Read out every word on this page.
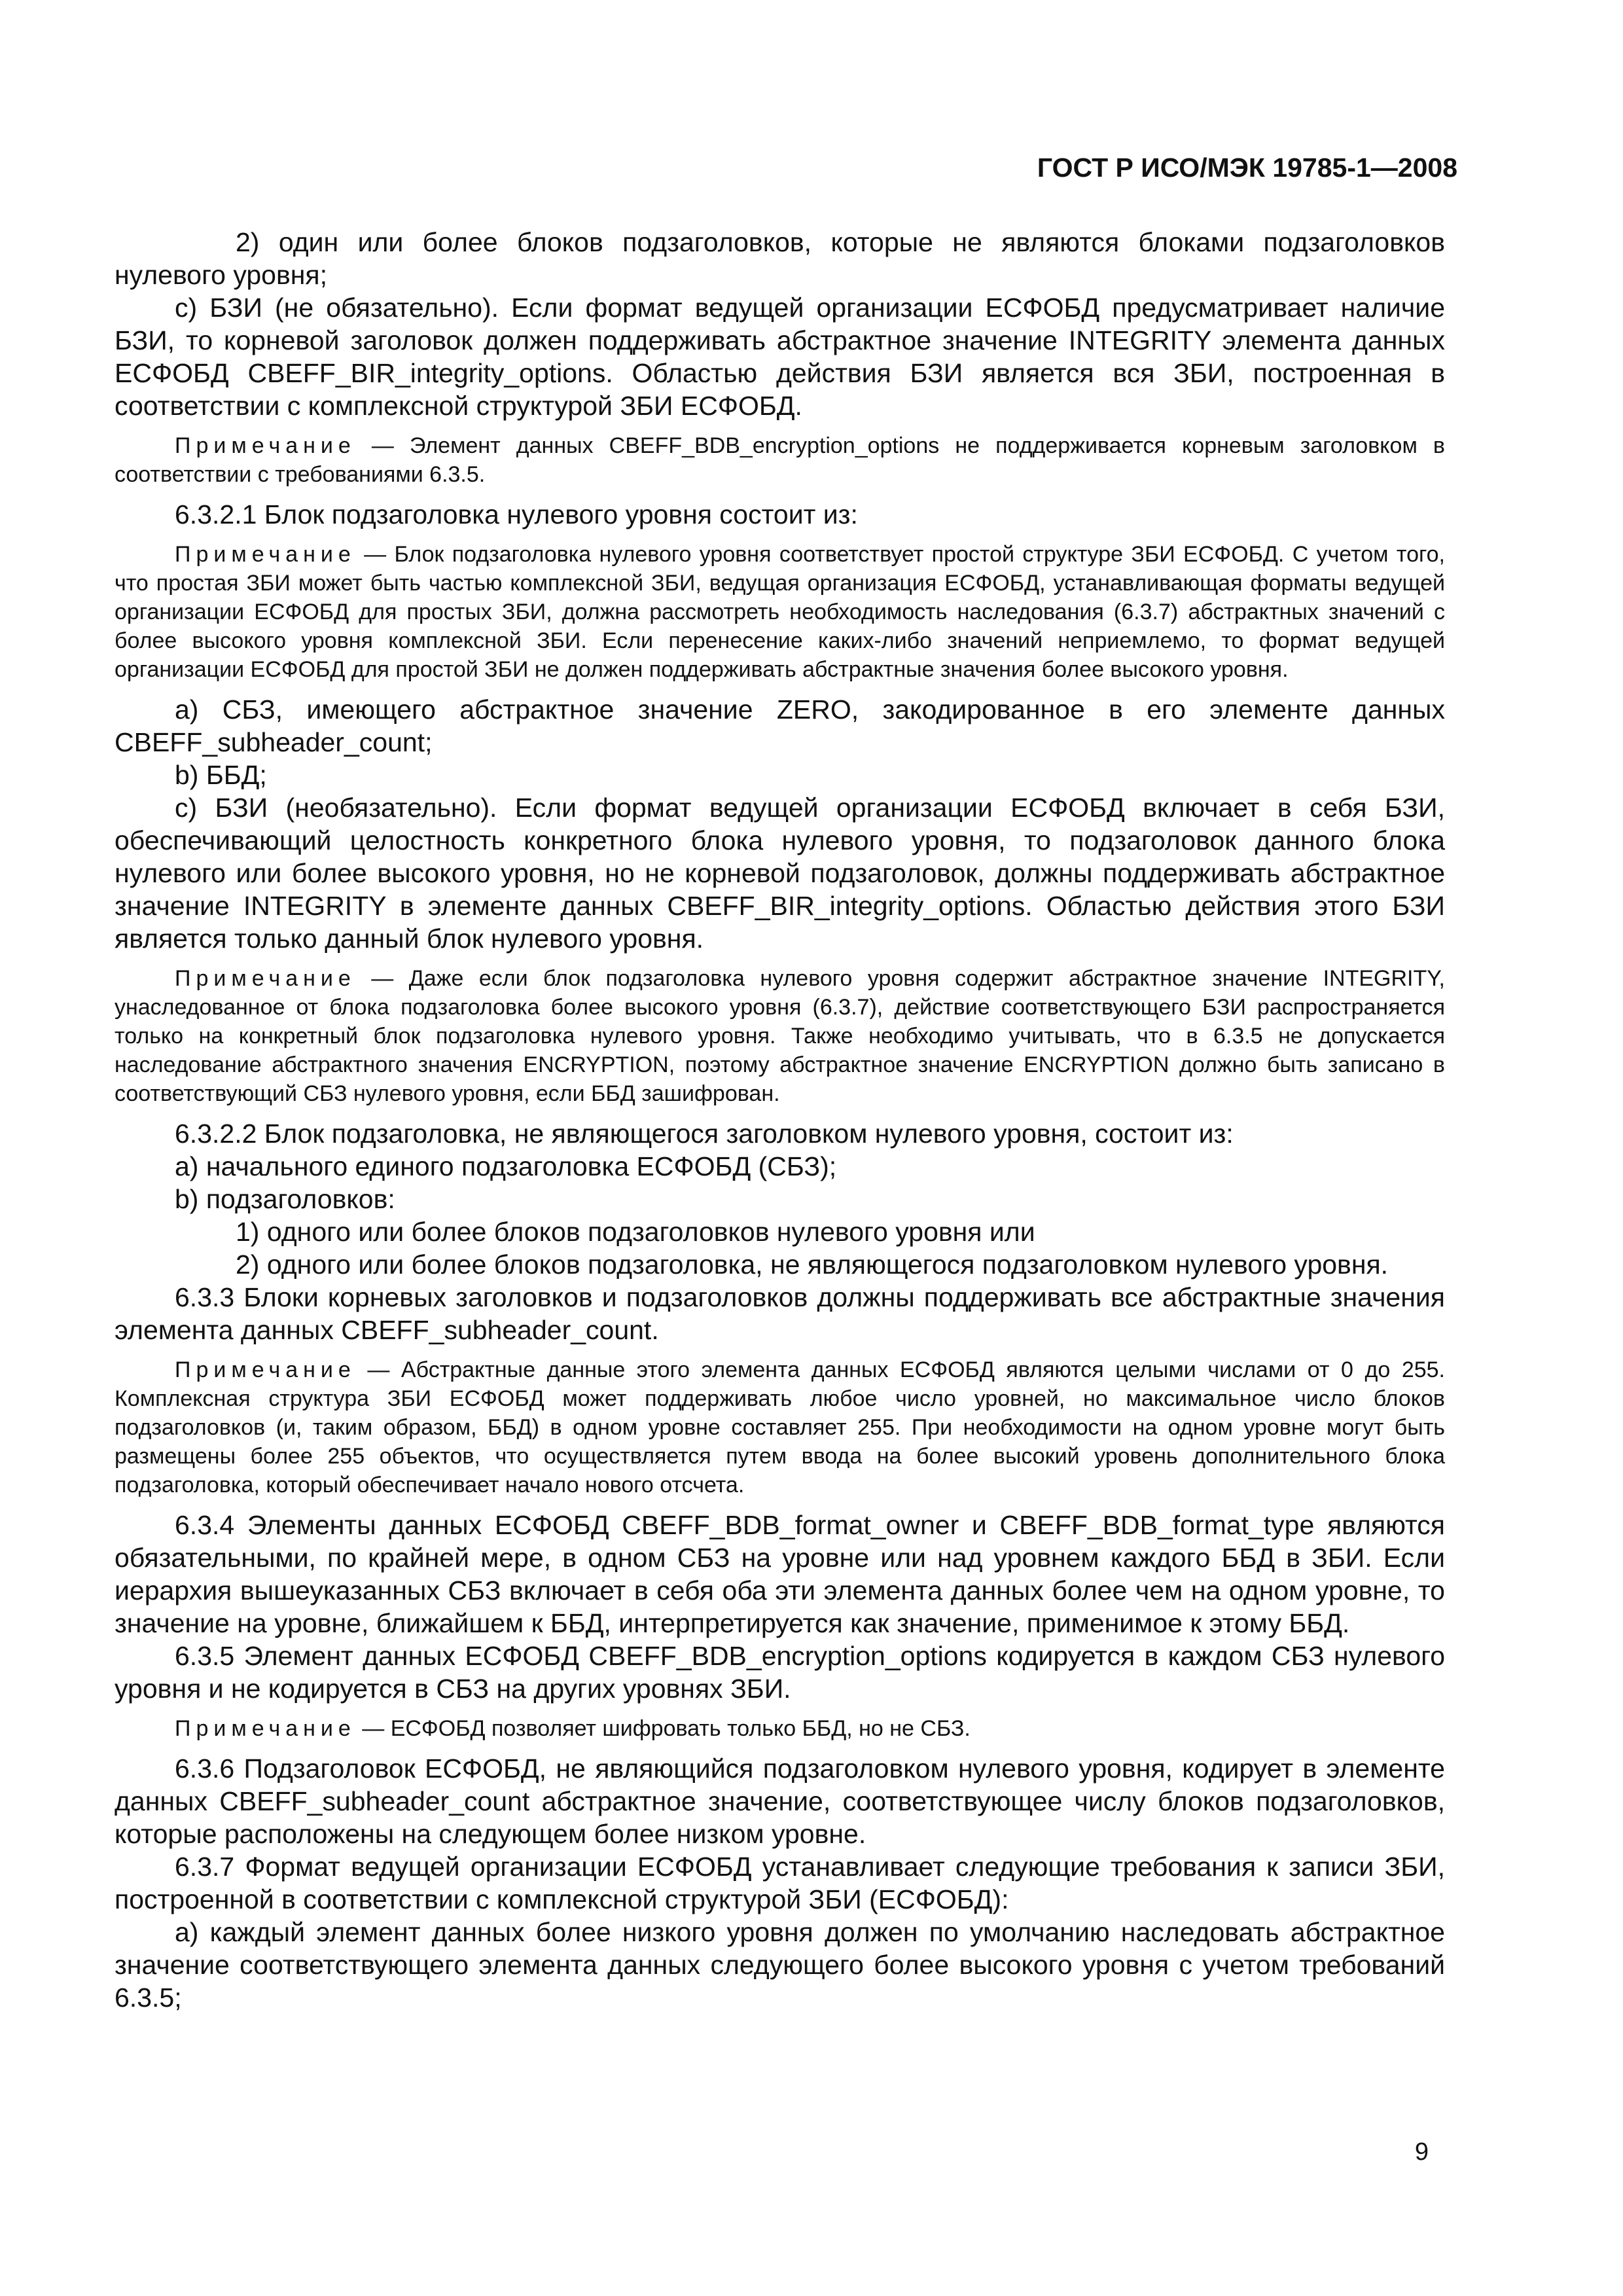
ГОСТ Р ИСО/МЭК 19785-1—2008

2) один или более блоков подзаголовков, которые не являются блоками подзаголовков нулевого уровня;

c) БЗИ (не обязательно). Если формат ведущей организации ЕСФОБД предусматривает наличие БЗИ, то корневой заголовок должен поддерживать абстрактное значение INTEGRITY элемента данных ЕСФОБД CBEFF_BIR_integrity_options. Областью действия БЗИ является вся ЗБИ, построенная в соответствии с комплексной структурой ЗБИ ЕСФОБД.

Примечание — Элемент данных CBEFF_BDB_encryption_options не поддерживается корневым заголовком в соответствии с требованиями 6.3.5.

6.3.2.1 Блок подзаголовка нулевого уровня состоит из:

Примечание — Блок подзаголовка нулевого уровня соответствует простой структуре ЗБИ ЕСФОБД. С учетом того, что простая ЗБИ может быть частью комплексной ЗБИ, ведущая организация ЕСФОБД, устанавливающая форматы ведущей организации ЕСФОБД для простых ЗБИ, должна рассмотреть необходимость наследования (6.3.7) абстрактных значений с более высокого уровня комплексной ЗБИ. Если перенесение каких-либо значений неприемлемо, то формат ведущей организации ЕСФОБД для простой ЗБИ не должен поддерживать абстрактные значения более высокого уровня.

a) СБЗ, имеющего абстрактное значение ZERO, закодированное в его элементе данных CBEFF_subheader_count;

b) ББД;

c) БЗИ (необязательно). Если формат ведущей организации ЕСФОБД включает в себя БЗИ, обеспечивающий целостность конкретного блока нулевого уровня, то подзаголовок данного блока нулевого или более высокого уровня, но не корневой подзаголовок, должны поддерживать абстрактное значение INTEGRITY в элементе данных CBEFF_BIR_integrity_options. Областью действия этого БЗИ является только данный блок нулевого уровня.

Примечание — Даже если блок подзаголовка нулевого уровня содержит абстрактное значение INTEGRITY, унаследованное от блока подзаголовка более высокого уровня (6.3.7), действие соответствующего БЗИ распространяется только на конкретный блок подзаголовка нулевого уровня. Также необходимо учитывать, что в 6.3.5 не допускается наследование абстрактного значения ENCRYPTION, поэтому абстрактное значение ENCRYPTION должно быть записано в соответствующий СБЗ нулевого уровня, если ББД зашифрован.

6.3.2.2 Блок подзаголовка, не являющегося заголовком нулевого уровня, состоит из:

a) начального единого подзаголовка ЕСФОБД (СБЗ);

b) подзаголовков:

1) одного или более блоков подзаголовков нулевого уровня или

2) одного или более блоков подзаголовка, не являющегося подзаголовком нулевого уровня.

6.3.3 Блоки корневых заголовков и подзаголовков должны поддерживать все абстрактные значения элемента данных CBEFF_subheader_count.

Примечание — Абстрактные данные этого элемента данных ЕСФОБД являются целыми числами от 0 до 255. Комплексная структура ЗБИ ЕСФОБД может поддерживать любое число уровней, но максимальное число блоков подзаголовков (и, таким образом, ББД) в одном уровне составляет 255. При необходимости на одном уровне могут быть размещены более 255 объектов, что осуществляется путем ввода на более высокий уровень дополнительного блока подзаголовка, который обеспечивает начало нового отсчета.

6.3.4 Элементы данных ЕСФОБД CBEFF_BDB_format_owner и CBEFF_BDB_format_type являются обязательными, по крайней мере, в одном СБЗ на уровне или над уровнем каждого ББД в ЗБИ. Если иерархия вышеуказанных СБЗ включает в себя оба эти элемента данных более чем на одном уровне, то значение на уровне, ближайшем к ББД, интерпретируется как значение, применимое к этому ББД.

6.3.5 Элемент данных ЕСФОБД CBEFF_BDB_encryption_options кодируется в каждом СБЗ нулевого уровня и не кодируется в СБЗ на других уровнях ЗБИ.

Примечание — ЕСФОБД позволяет шифровать только ББД, но не СБЗ.

6.3.6 Подзаголовок ЕСФОБД, не являющийся подзаголовком нулевого уровня, кодирует в элементе данных CBEFF_subheader_count абстрактное значение, соответствующее числу блоков подзаголовков, которые расположены на следующем более низком уровне.

6.3.7 Формат ведущей организации ЕСФОБД устанавливает следующие требования к записи ЗБИ, построенной в соответствии с комплексной структурой ЗБИ (ЕСФОБД):

a) каждый элемент данных более низкого уровня должен по умолчанию наследовать абстрактное значение соответствующего элемента данных следующего более высокого уровня с учетом требований 6.3.5;

9
